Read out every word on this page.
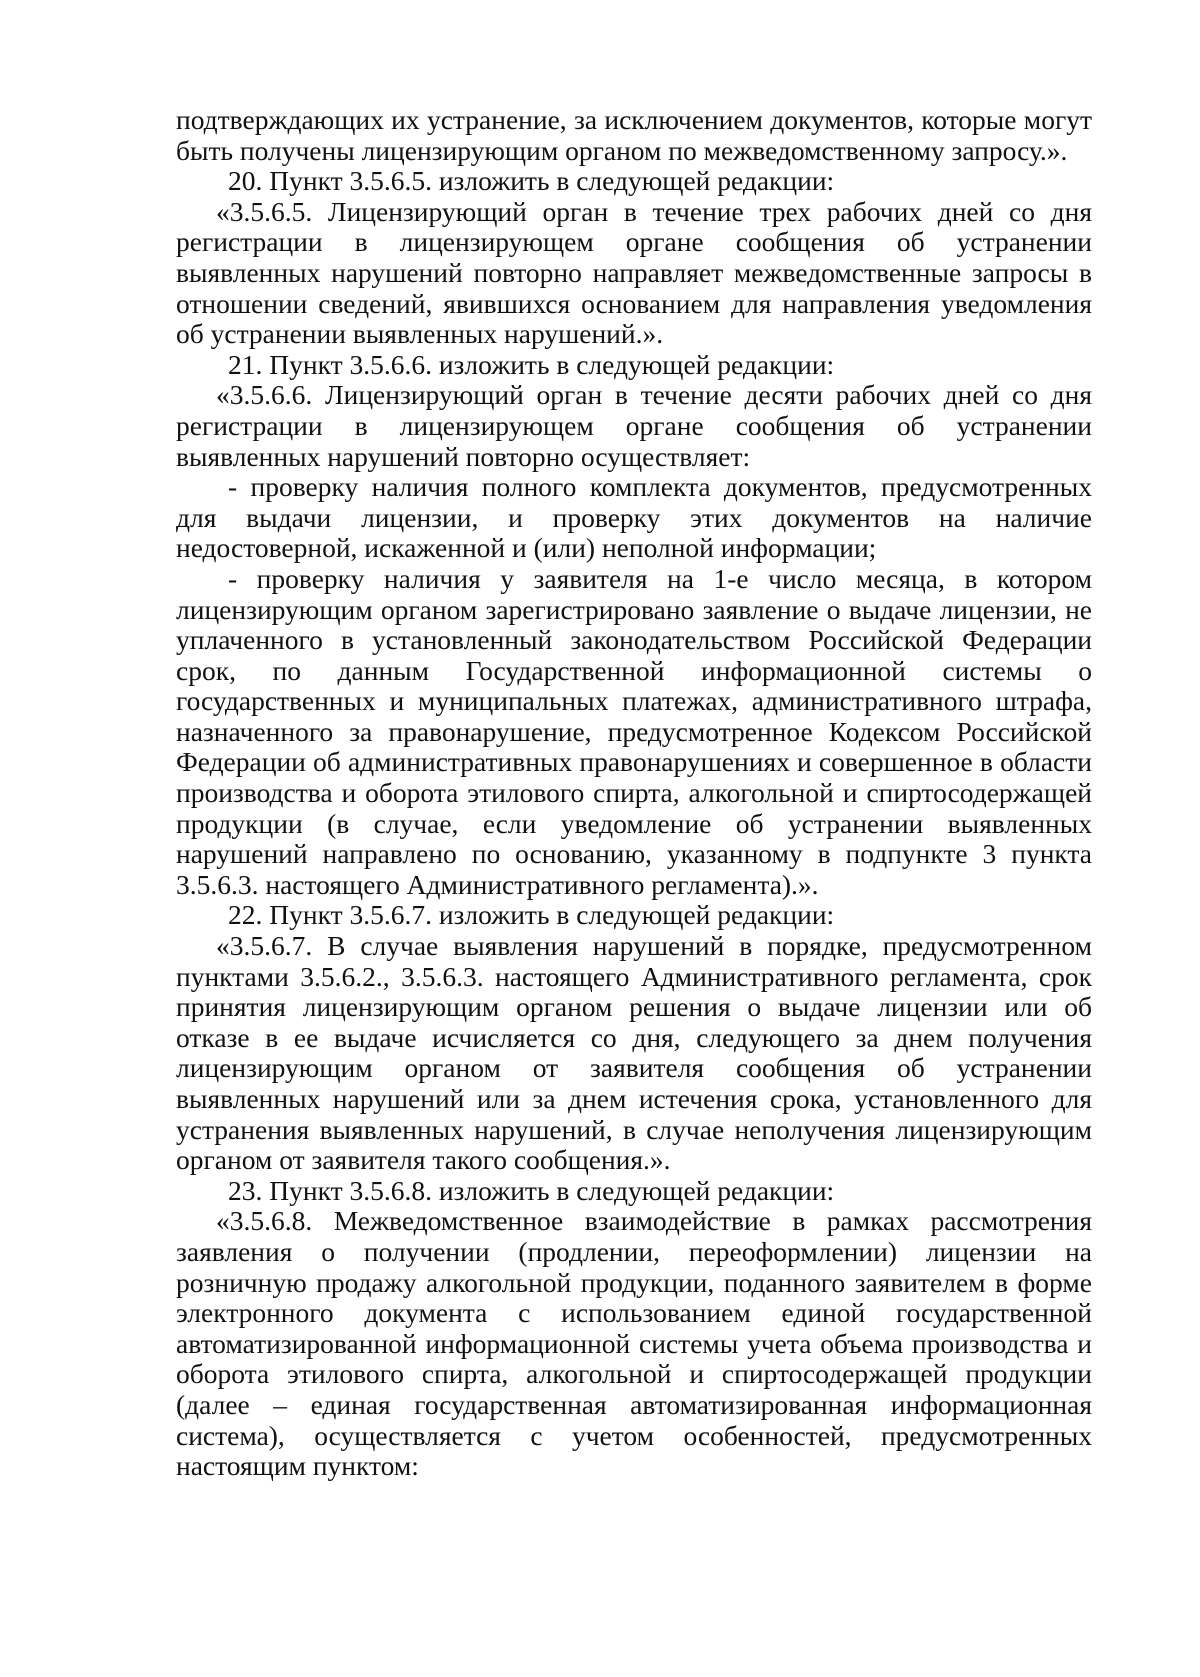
подтверждающих их устранение, за исключением документов, которые могут быть получены лицензирующим органом по межведомственному запросу.».

20. Пункт 3.5.6.5. изложить в следующей редакции:

«3.5.6.5. Лицензирующий орган в течение трех рабочих дней со дня регистрации в лицензирующем органе сообщения об устранении выявленных нарушений повторно направляет межведомственные запросы в отношении сведений, явившихся основанием для направления уведомления об устранении выявленных нарушений.».

21. Пункт 3.5.6.6. изложить в следующей редакции:

«3.5.6.6. Лицензирующий орган в течение десяти рабочих дней со дня регистрации в лицензирующем органе сообщения об устранении выявленных нарушений повторно осуществляет:

- проверку наличия полного комплекта документов, предусмотренных для выдачи лицензии, и проверку этих документов на наличие недостоверной, искаженной и (или) неполной информации;

- проверку наличия у заявителя на 1-е число месяца, в котором лицензирующим органом зарегистрировано заявление о выдаче лицензии, не уплаченного в установленный законодательством Российской Федерации срок, по данным Государственной информационной системы о государственных и муниципальных платежах, административного штрафа, назначенного за правонарушение, предусмотренное Кодексом Российской Федерации об административных правонарушениях и совершенное в области производства и оборота этилового спирта, алкогольной и спиртосодержащей продукции (в случае, если уведомление об устранении выявленных нарушений направлено по основанию, указанному в подпункте 3 пункта 3.5.6.3. настоящего Административного регламента).».

22. Пункт 3.5.6.7. изложить в следующей редакции:

«3.5.6.7. В случае выявления нарушений в порядке, предусмотренном пунктами 3.5.6.2., 3.5.6.3. настоящего Административного регламента, срок принятия лицензирующим органом решения о выдаче лицензии или об отказе в ее выдаче исчисляется со дня, следующего за днем получения лицензирующим органом от заявителя сообщения об устранении выявленных нарушений или за днем истечения срока, установленного для устранения выявленных нарушений, в случае неполучения лицензирующим органом от заявителя такого сообщения.».

23. Пункт 3.5.6.8. изложить в следующей редакции:

«3.5.6.8. Межведомственное взаимодействие в рамках рассмотрения заявления о получении (продлении, переоформлении) лицензии на розничную продажу алкогольной продукции, поданного заявителем в форме электронного документа с использованием единой государственной автоматизированной информационной системы учета объема производства и оборота этилового спирта, алкогольной и спиртосодержащей продукции (далее – единая государственная автоматизированная информационная система), осуществляется с учетом особенностей, предусмотренных настоящим пунктом:
